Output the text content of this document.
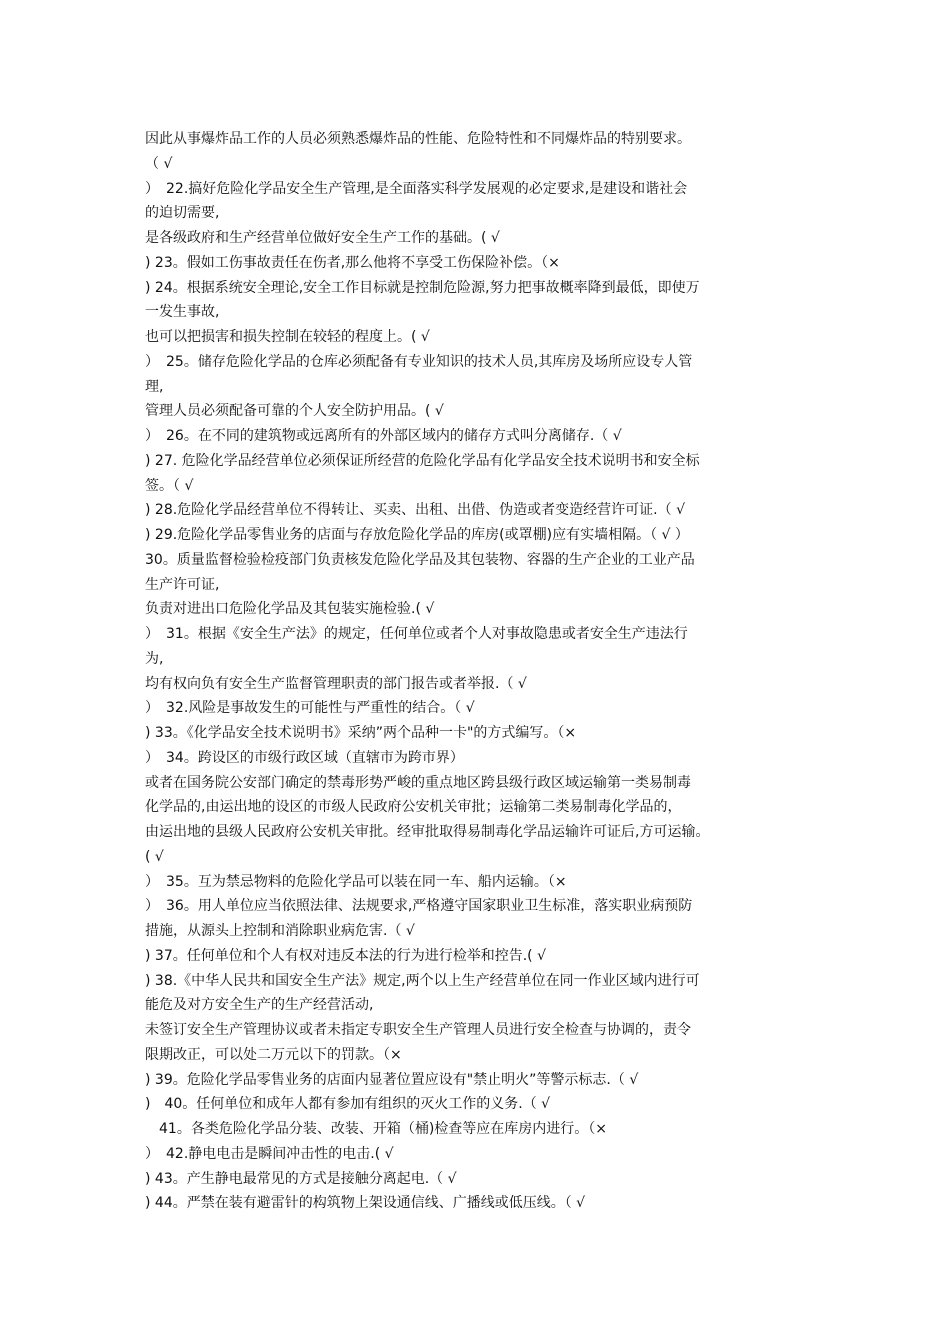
因此从事爆炸品工作的人员必须熟悉爆炸品的性能、危险特性和不同爆炸品的特别要求。
（ √
）　22.搞好危险化学品安全生产管理,是全面落实科学发展观的必定要求,是建设和谐社会
的迫切需要,
是各级政府和生产经营单位做好安全生产工作的基础。( √
) 23。假如工伤事故责任在伤者,那么他将不享受工伤保险补偿。（×
) 24。根据系统安全理论,安全工作目标就是控制危险源,努力把事故概率降到最低，即使万
一发生事故,
也可以把损害和损失控制在较轻的程度上。( √
）　25。储存危险化学品的仓库必须配备有专业知识的技术人员,其库房及场所应设专人管
理,
管理人员必须配备可靠的个人安全防护用品。( √
）　26。在不同的建筑物或远离所有的外部区域内的储存方式叫分离储存.（ √
) 27. 危险化学品经营单位必须保证所经营的危险化学品有化学品安全技术说明书和安全标
签。（ √
) 28.危险化学品经营单位不得转让、买卖、出租、出借、伪造或者变造经营许可证.（ √
) 29.危险化学品零售业务的店面与存放危险化学品的库房(或罩棚)应有实墙相隔。（ √ ）
30。质量监督检验检疫部门负责核发危险化学品及其包装物、容器的生产企业的工业产品
生产许可证,
负责对进出口危险化学品及其包装实施检验.( √
）　31。根据《安全生产法》的规定，任何单位或者个人对事故隐患或者安全生产违法行
为,
均有权向负有安全生产监督管理职责的部门报告或者举报.（ √
）　32.风险是事故发生的可能性与严重性的结合。（ √
) 33。《化学品安全技术说明书》采纳”两个品种一卡"的方式编写。（×
）　34。跨设区的市级行政区域（直辖市为跨市界）
或者在国务院公安部门确定的禁毒形势严峻的重点地区跨县级行政区域运输第一类易制毒
化学品的,由运出地的设区的市级人民政府公安机关审批；运输第二类易制毒化学品的，
由运出地的县级人民政府公安机关审批。经审批取得易制毒化学品运输许可证后,方可运输。
( √
）　35。互为禁忌物料的危险化学品可以装在同一车、船内运输。（×
）　36。用人单位应当依照法律、法规要求,严格遵守国家职业卫生标准，落实职业病预防
措施，从源头上控制和消除职业病危害.（ √
) 37。任何单位和个人有权对违反本法的行为进行检举和控告.( √
) 38.《中华人民共和国安全生产法》规定,两个以上生产经营单位在同一作业区域内进行可
能危及对方安全生产的生产经营活动,
未签订安全生产管理协议或者未指定专职安全生产管理人员进行安全检查与协调的，责令
限期改正，可以处二万元以下的罚款。（×
) 39。危险化学品零售业务的店面内显著位置应设有"禁止明火”等警示标志.（ √
)　40。任何单位和成年人都有参加有组织的灭火工作的义务.（ √
　41。各类危险化学品分装、改装、开箱（桶)检查等应在库房内进行。（×
）　42.静电电击是瞬间冲击性的电击.( √
) 43。产生静电最常见的方式是接触分离起电.（ √
) 44。严禁在装有避雷针的构筑物上架设通信线、广播线或低压线。（ √
